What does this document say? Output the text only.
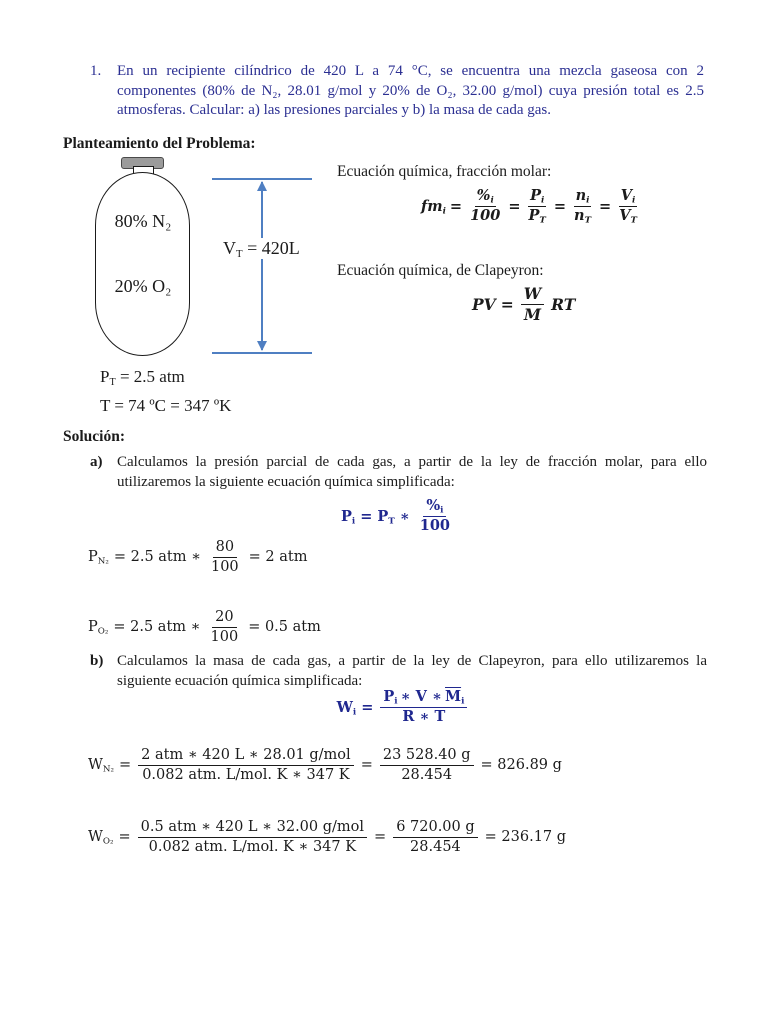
1.	En un recipiente cilíndrico de 420 L a 74 °C, se encuentra una mezcla gaseosa con 2 componentes (80% de N₂, 28.01 g/mol y 20% de O₂, 32.00 g/mol) cuya presión total es 2.5 atmosferas. Calcular: a) las presiones parciales y b) la masa de cada gas.

Planteamiento del Problema:
80% N₂
20% O₂
$V_T = 420L$
Ecuación química, fracción molar:
$fm_i = \frac{\%_i}{100} = \frac{P_i}{P_T} = \frac{n_i}{n_T} = \frac{V_i}{V_T}$
Ecuación química, de Clapeyron:
PV = $\frac{W}{M}$ RT
$P_T = 2.5$ atm
T = 74 ºC = 347 ºK
Solución:
a) Calculamos la presión parcial de cada gas, a partir de la ley de fracción molar, para ello utilizaremos la siguiente ecuación química simplificada:

$P_i = P_T$ ∗ $\frac{\%_i}{100}$
$P_{N_2} = 2.5$ atm ∗ $\frac{80}{100} = 2$ atm
$P_{O_2} = 2.5$ atm ∗ $\frac{20}{100} = 0.5$ atm
b) Calculamos la masa de cada gas, a partir de la ley de Clapeyron, para ello utilizaremos la siguiente ecuación química simplificada:

$W_i = \frac{P_i ∗ V ∗ \overline{M}_i}{R ∗ T}$
$W_{N_2} = \frac{\text{2 atm ∗ 420 L ∗ 28.01 g/mol}}{\text{0.082 atm. L/mol. K ∗ 347 K}} = \frac{23 528.40 g}{28.454} = 826.89$ g
$W_{O_2} = \frac{\text{0.5 atm ∗ 420 L ∗ 32.00 g/mol}}{\text{0.082 atm. L/mol. K ∗ 347 K}} = \frac{6 720.00 g}{28.454} = 236.17$ g
